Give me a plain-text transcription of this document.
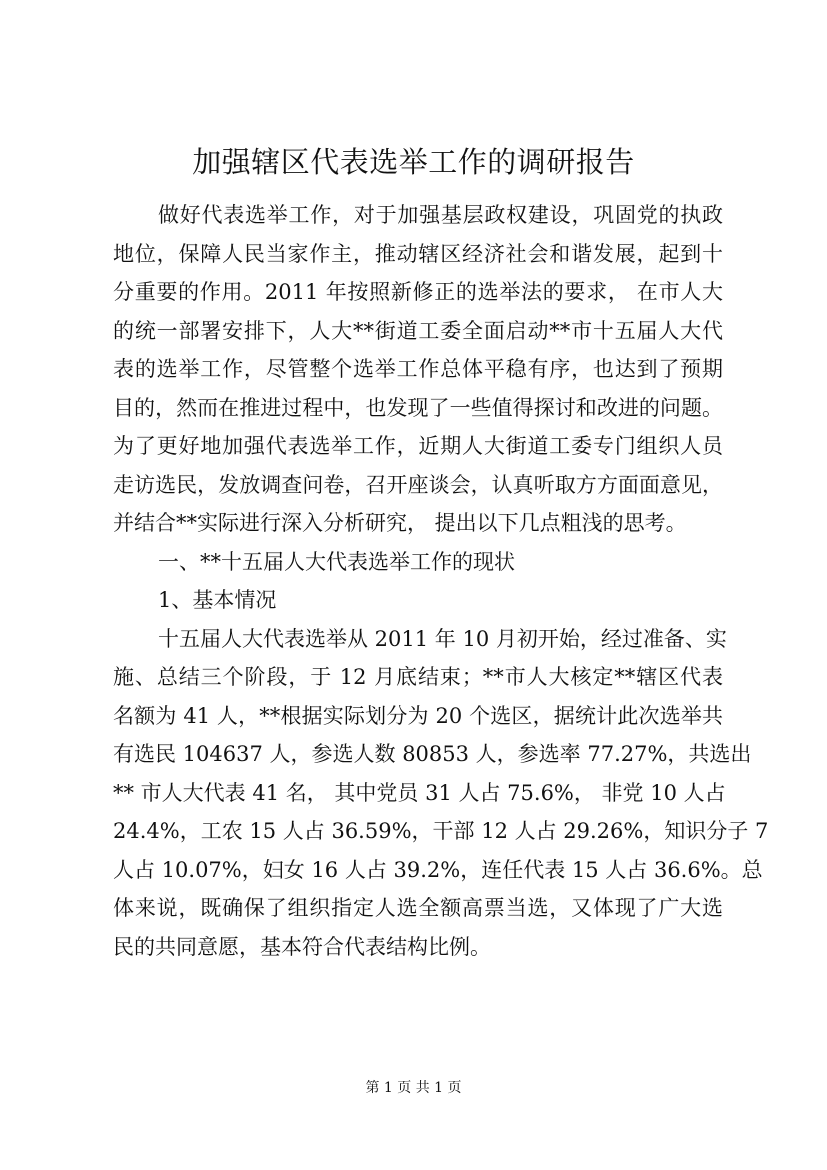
加强辖区代表选举工作的调研报告
做好代表选举工作，对于加强基层政权建设，巩固党的执政
地位，保障人民当家作主，推动辖区经济社会和谐发展，起到十
分重要的作用。2011 年按照新修正的选举法的要求， 在市人大
的统一部署安排下，人大**街道工委全面启动**市十五届人大代
表的选举工作，尽管整个选举工作总体平稳有序，也达到了预期
目的，然而在推进过程中，也发现了一些值得探讨和改进的问题。
为了更好地加强代表选举工作，近期人大街道工委专门组织人员
走访选民，发放调查问卷，召开座谈会，认真听取方方面面意见，
并结合**实际进行深入分析研究， 提出以下几点粗浅的思考。
一、**十五届人大代表选举工作的现状
1、基本情况
十五届人大代表选举从 2011 年 10 月初开始，经过准备、实
施、总结三个阶段，于 12 月底结束；**市人大核定**辖区代表
名额为 41 人，**根据实际划分为 20 个选区，据统计此次选举共
有选民 104637 人，参选人数 80853 人，参选率 77.27%，共选出
** 市人大代表 41 名， 其中党员 31 人占 75.6%， 非党 10 人占
24.4%，工农 15 人占 36.59%，干部 12 人占 29.26%，知识分子 7
人占 10.07%，妇女 16 人占 39.2%，连任代表 15 人占 36.6%。总
体来说，既确保了组织指定人选全额高票当选，又体现了广大选
民的共同意愿，基本符合代表结构比例。
第 1 页 共 1 页
